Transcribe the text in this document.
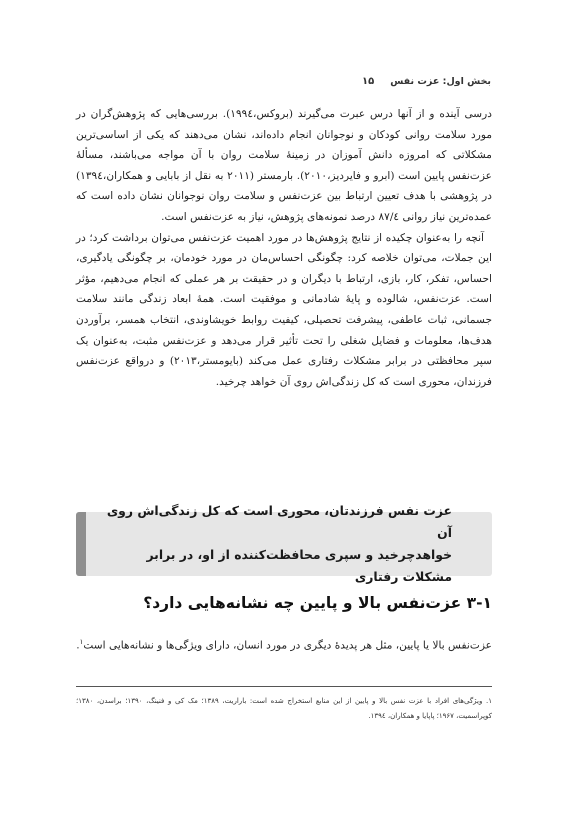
بخش اول: عزت نفس
۱۵

درسی آینده و از آنها درس عبرت می‌گیرند (بروکس،۱۹۹٤). بررسی‌هایی که پژوهش‌گران در مورد سلامت روانی کودکان و نوجوانان انجام داده‌اند، نشان می‌دهند که یکی از اساسی‌ترین مشکلاتی که امروزه دانش آموزان در زمینهٔ سلامت روان با آن مواجه می‌باشند، مسألهٔ عزت‌نفس پایین است (ابرو و فایردیز،۲۰۱۰). بارمستر (۲۰۱۱ به نقل از بابایی و همکاران،۱۳۹٤) در پژوهشی با هدف تعیین ارتباط بین عزت‌نفس و سلامت روان نوجوانان نشان داده است که عمده‌ترین نیاز روانی ۸۷/٤ درصد نمونه‌های پژوهش، نیاز به عزت‌نفس است.

آنچه را به‌عنوان چکیده از نتایج پژوهش‌ها در مورد اهمیت عزت‌نفس می‌توان برداشت کرد؛ در این جملات، می‌توان خلاصه کرد: چگونگی احساس‌مان در مورد خودمان، بر چگونگی یادگیری، احساس، تفکر، کار، بازی، ارتباط با دیگران و در حقیقت بر هر عملی که انجام می‌دهیم، مؤثر است. عزت‌نفس، شالوده و پایهٔ شادمانی و موفقیت است. همهٔ ابعاد زندگی مانند سلامت جسمانی، ثبات عاطفی، پیشرفت تحصیلی، کیفیت روابط خویشاوندی، انتخاب همسر، برآوردن هدف‌ها، معلومات و فضایل شغلی را تحت تأثیر قرار می‌دهد و عزت‌نفس مثبت، به‌عنوان یک سپر محافظتی در برابر مشکلات رفتاری عمل می‌کند (بایومستر،۲۰۱۳) و درواقع عزت‌نفس فرزندان، محوری است که کل زندگی‌اش روی آن خواهد چرخید.

عزت نفس فرزندتان، محوری است که کل زندگی‌اش روی آن
خواهدچرخید و سپری محافظت‌کننده از او، در برابر مشکلات رفتاری
۳-۱ عزت‌نفس بالا و پایین چه نشانه‌هایی دارد؟
عزت‌نفس بالا یا پایین، مثل هر پدیدهٔ دیگری در مورد انسان، دارای ویژگی‌ها و نشانه‌هایی است$^۱$.
۱. ویژگی‌های افراد با عزت نفس بالا و پایین از این منابع استخراج شده است: باراریت، ۱۳۸۹؛ مک کی و فنینگ، ۱۳۹۰؛ براسدن، ۱۳۸۰؛ کوپراسمیت، ۱۹۶۷؛ پاپایا و همکاران، ۱۳۹٤.
